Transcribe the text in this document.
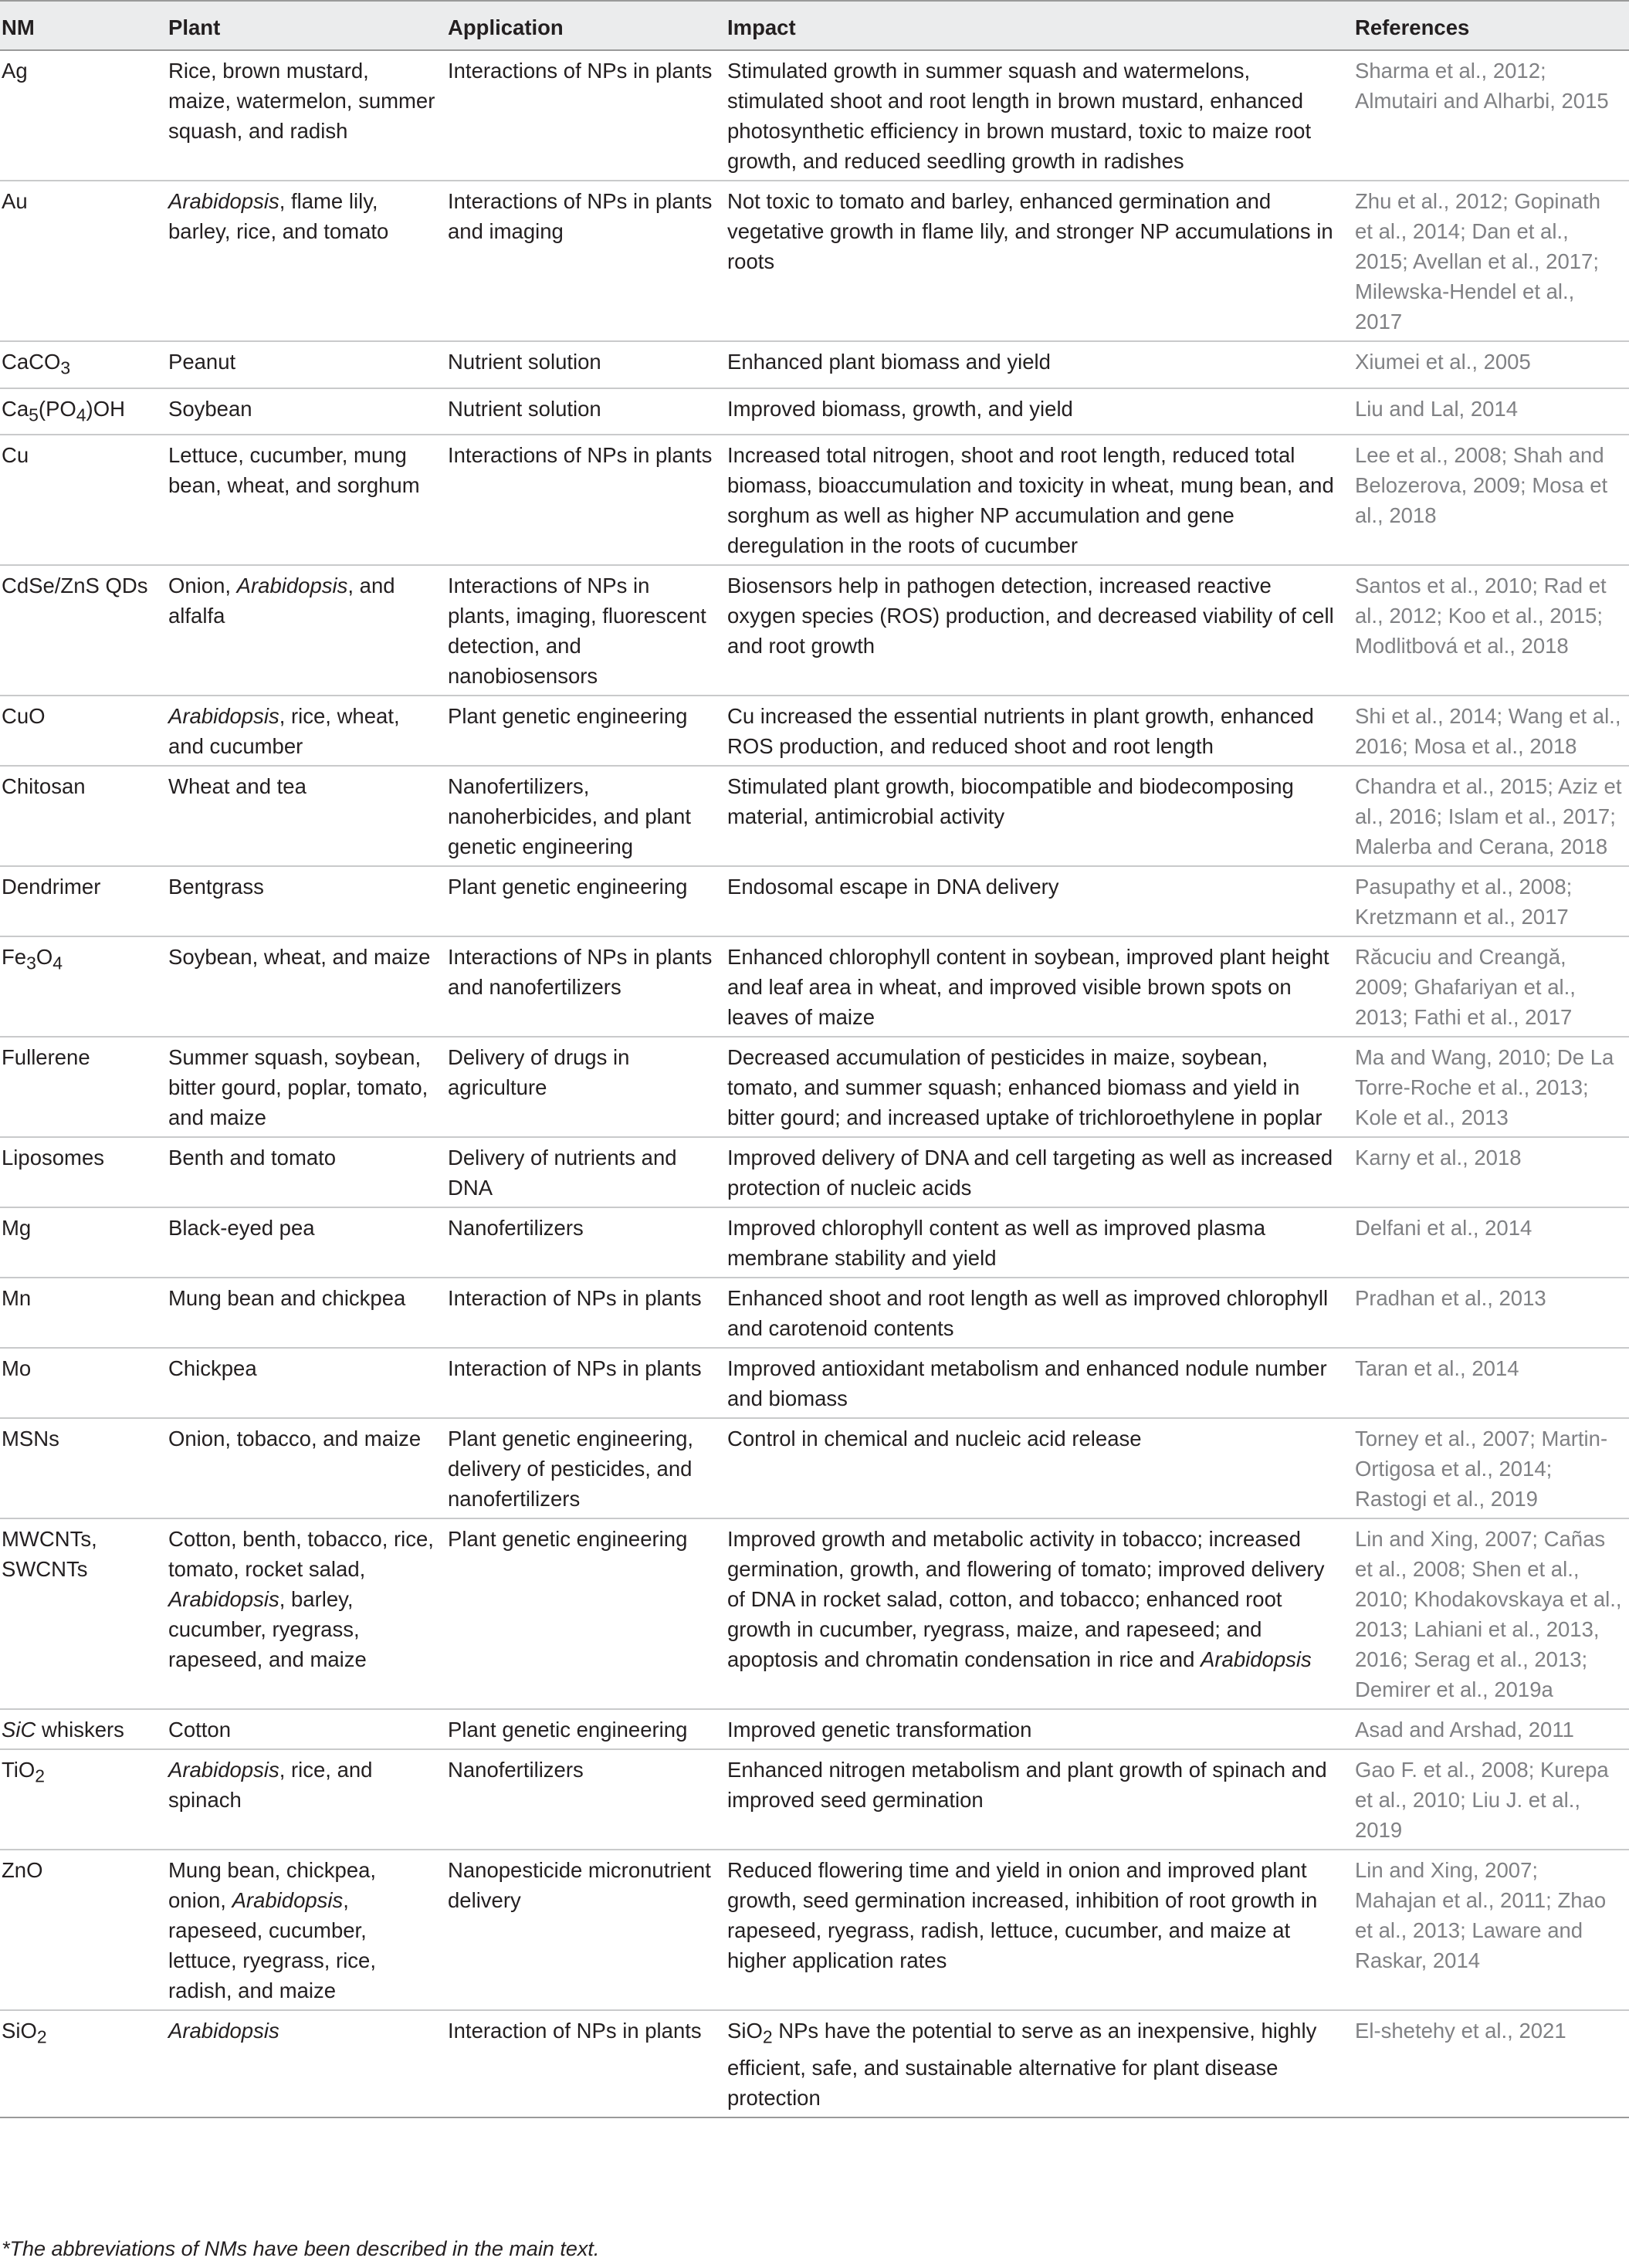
NM	Plant	Application	Impact	References
Ag	Rice, brown mustard, maize, watermelon, summer squash, and radish	Interactions of NPs in plants	Stimulated growth in summer squash and watermelons, stimulated shoot and root length in brown mustard, enhanced photosynthetic efficiency in brown mustard, toxic to maize root growth, and reduced seedling growth in radishes	Sharma et al., 2012; Almutairi and Alharbi, 2015
Au	Arabidopsis, flame lily, barley, rice, and tomato	Interactions of NPs in plants and imaging	Not toxic to tomato and barley, enhanced germination and vegetative growth in flame lily, and stronger NP accumulations in roots	Zhu et al., 2012; Gopinath et al., 2014; Dan et al., 2015; Avellan et al., 2017; Milewska-Hendel et al., 2017
CaCO$_3$	Peanut	Nutrient solution	Enhanced plant biomass and yield	Xiumei et al., 2005
$Ca_5(PO_4)OH$	Soybean	Nutrient solution	Improved biomass, growth, and yield	Liu and Lal, 2014
Cu	Lettuce, cucumber, mung bean, wheat, and sorghum	Interactions of NPs in plants	Increased total nitrogen, shoot and root length, reduced total biomass, bioaccumulation and toxicity in wheat, mung bean, and sorghum as well as higher NP accumulation and gene deregulation in the roots of cucumber	Lee et al., 2008; Shah and Belozerova, 2009; Mosa et al., 2018
CdSe/ZnS QDs	Onion, Arabidopsis, and alfalfa	Interactions of NPs in plants, imaging, fluorescent detection, and nanobiosensors	Biosensors help in pathogen detection, increased reactive oxygen species (ROS) production, and decreased viability of cell and root growth	Santos et al., 2010; Rad et al., 2012; Koo et al., 2015; Modlitbová et al., 2018
CuO	Arabidopsis, rice, wheat, and cucumber	Plant genetic engineering	Cu increased the essential nutrients in plant growth, enhanced ROS production, and reduced shoot and root length	Shi et al., 2014; Wang et al., 2016; Mosa et al., 2018
Chitosan	Wheat and tea	Nanofertilizers, nanoherbicides, and plant genetic engineering	Stimulated plant growth, biocompatible and biodecomposing material, antimicrobial activity	Chandra et al., 2015; Aziz et al., 2016; Islam et al., 2017; Malerba and Cerana, 2018
Dendrimer	Bentgrass	Plant genetic engineering	Endosomal escape in DNA delivery	Pasupathy et al., 2008; Kretzmann et al., 2017
$Fe_3O_4$	Soybean, wheat, and maize	Interactions of NPs in plants and nanofertilizers	Enhanced chlorophyll content in soybean, improved plant height and leaf area in wheat, and improved visible brown spots on leaves of maize	Răcuciu and Creangă, 2009; Ghafariyan et al., 2013; Fathi et al., 2017
Fullerene	Summer squash, soybean, bitter gourd, poplar, tomato, and maize	Delivery of drugs in agriculture	Decreased accumulation of pesticides in maize, soybean, tomato, and summer squash; enhanced biomass and yield in bitter gourd; and increased uptake of trichloroethylene in poplar	Ma and Wang, 2010; De La Torre-Roche et al., 2013; Kole et al., 2013
Liposomes	Benth and tomato	Delivery of nutrients and DNA	Improved delivery of DNA and cell targeting as well as increased protection of nucleic acids	Karny et al., 2018
Mg	Black-eyed pea	Nanofertilizers	Improved chlorophyll content as well as improved plasma membrane stability and yield	Delfani et al., 2014
Mn	Mung bean and chickpea	Interaction of NPs in plants	Enhanced shoot and root length as well as improved chlorophyll and carotenoid contents	Pradhan et al., 2013
Mo	Chickpea	Interaction of NPs in plants	Improved antioxidant metabolism and enhanced nodule number and biomass	Taran et al., 2014
MSNs	Onion, tobacco, and maize	Plant genetic engineering, delivery of pesticides, and nanofertilizers	Control in chemical and nucleic acid release	Torney et al., 2007; Martin-Ortigosa et al., 2014; Rastogi et al., 2019
MWCNTs, SWCNTs	Cotton, benth, tobacco, rice, tomato, rocket salad, Arabidopsis, barley, cucumber, ryegrass, rapeseed, and maize	Plant genetic engineering	Improved growth and metabolic activity in tobacco; increased germination, growth, and flowering of tomato; improved delivery of DNA in rocket salad, cotton, and tobacco; enhanced root growth in cucumber, ryegrass, maize, and rapeseed; and apoptosis and chromatin condensation in rice and Arabidopsis	Lin and Xing, 2007; Cañas et al., 2008; Shen et al., 2010; Khodakovskaya et al., 2013; Lahiani et al., 2013, 2016; Serag et al., 2013; Demirer et al., 2019a
SiC whiskers	Cotton	Plant genetic engineering	Improved genetic transformation	Asad and Arshad, 2011
TiO$_2$	Arabidopsis, rice, and spinach	Nanofertilizers	Enhanced nitrogen metabolism and plant growth of spinach and improved seed germination	Gao F. et al., 2008; Kurepa et al., 2010; Liu J. et al., 2019
ZnO	Mung bean, chickpea, onion, Arabidopsis, rapeseed, cucumber, lettuce, ryegrass, rice, radish, and maize	Nanopesticide micronutrient delivery	Reduced flowering time and yield in onion and improved plant growth, seed germination increased, inhibition of root growth in rapeseed, ryegrass, radish, lettuce, cucumber, and maize at higher application rates	Lin and Xing, 2007; Mahajan et al., 2011; Zhao et al., 2013; Laware and Raskar, 2014
SiO$_2$	Arabidopsis	Interaction of NPs in plants	SiO$_2$ NPs have the potential to serve as an inexpensive, highly efficient, safe, and sustainable alternative for plant disease protection	El-shetehy et al., 2021
*The abbreviations of NMs have been described in the main text.
